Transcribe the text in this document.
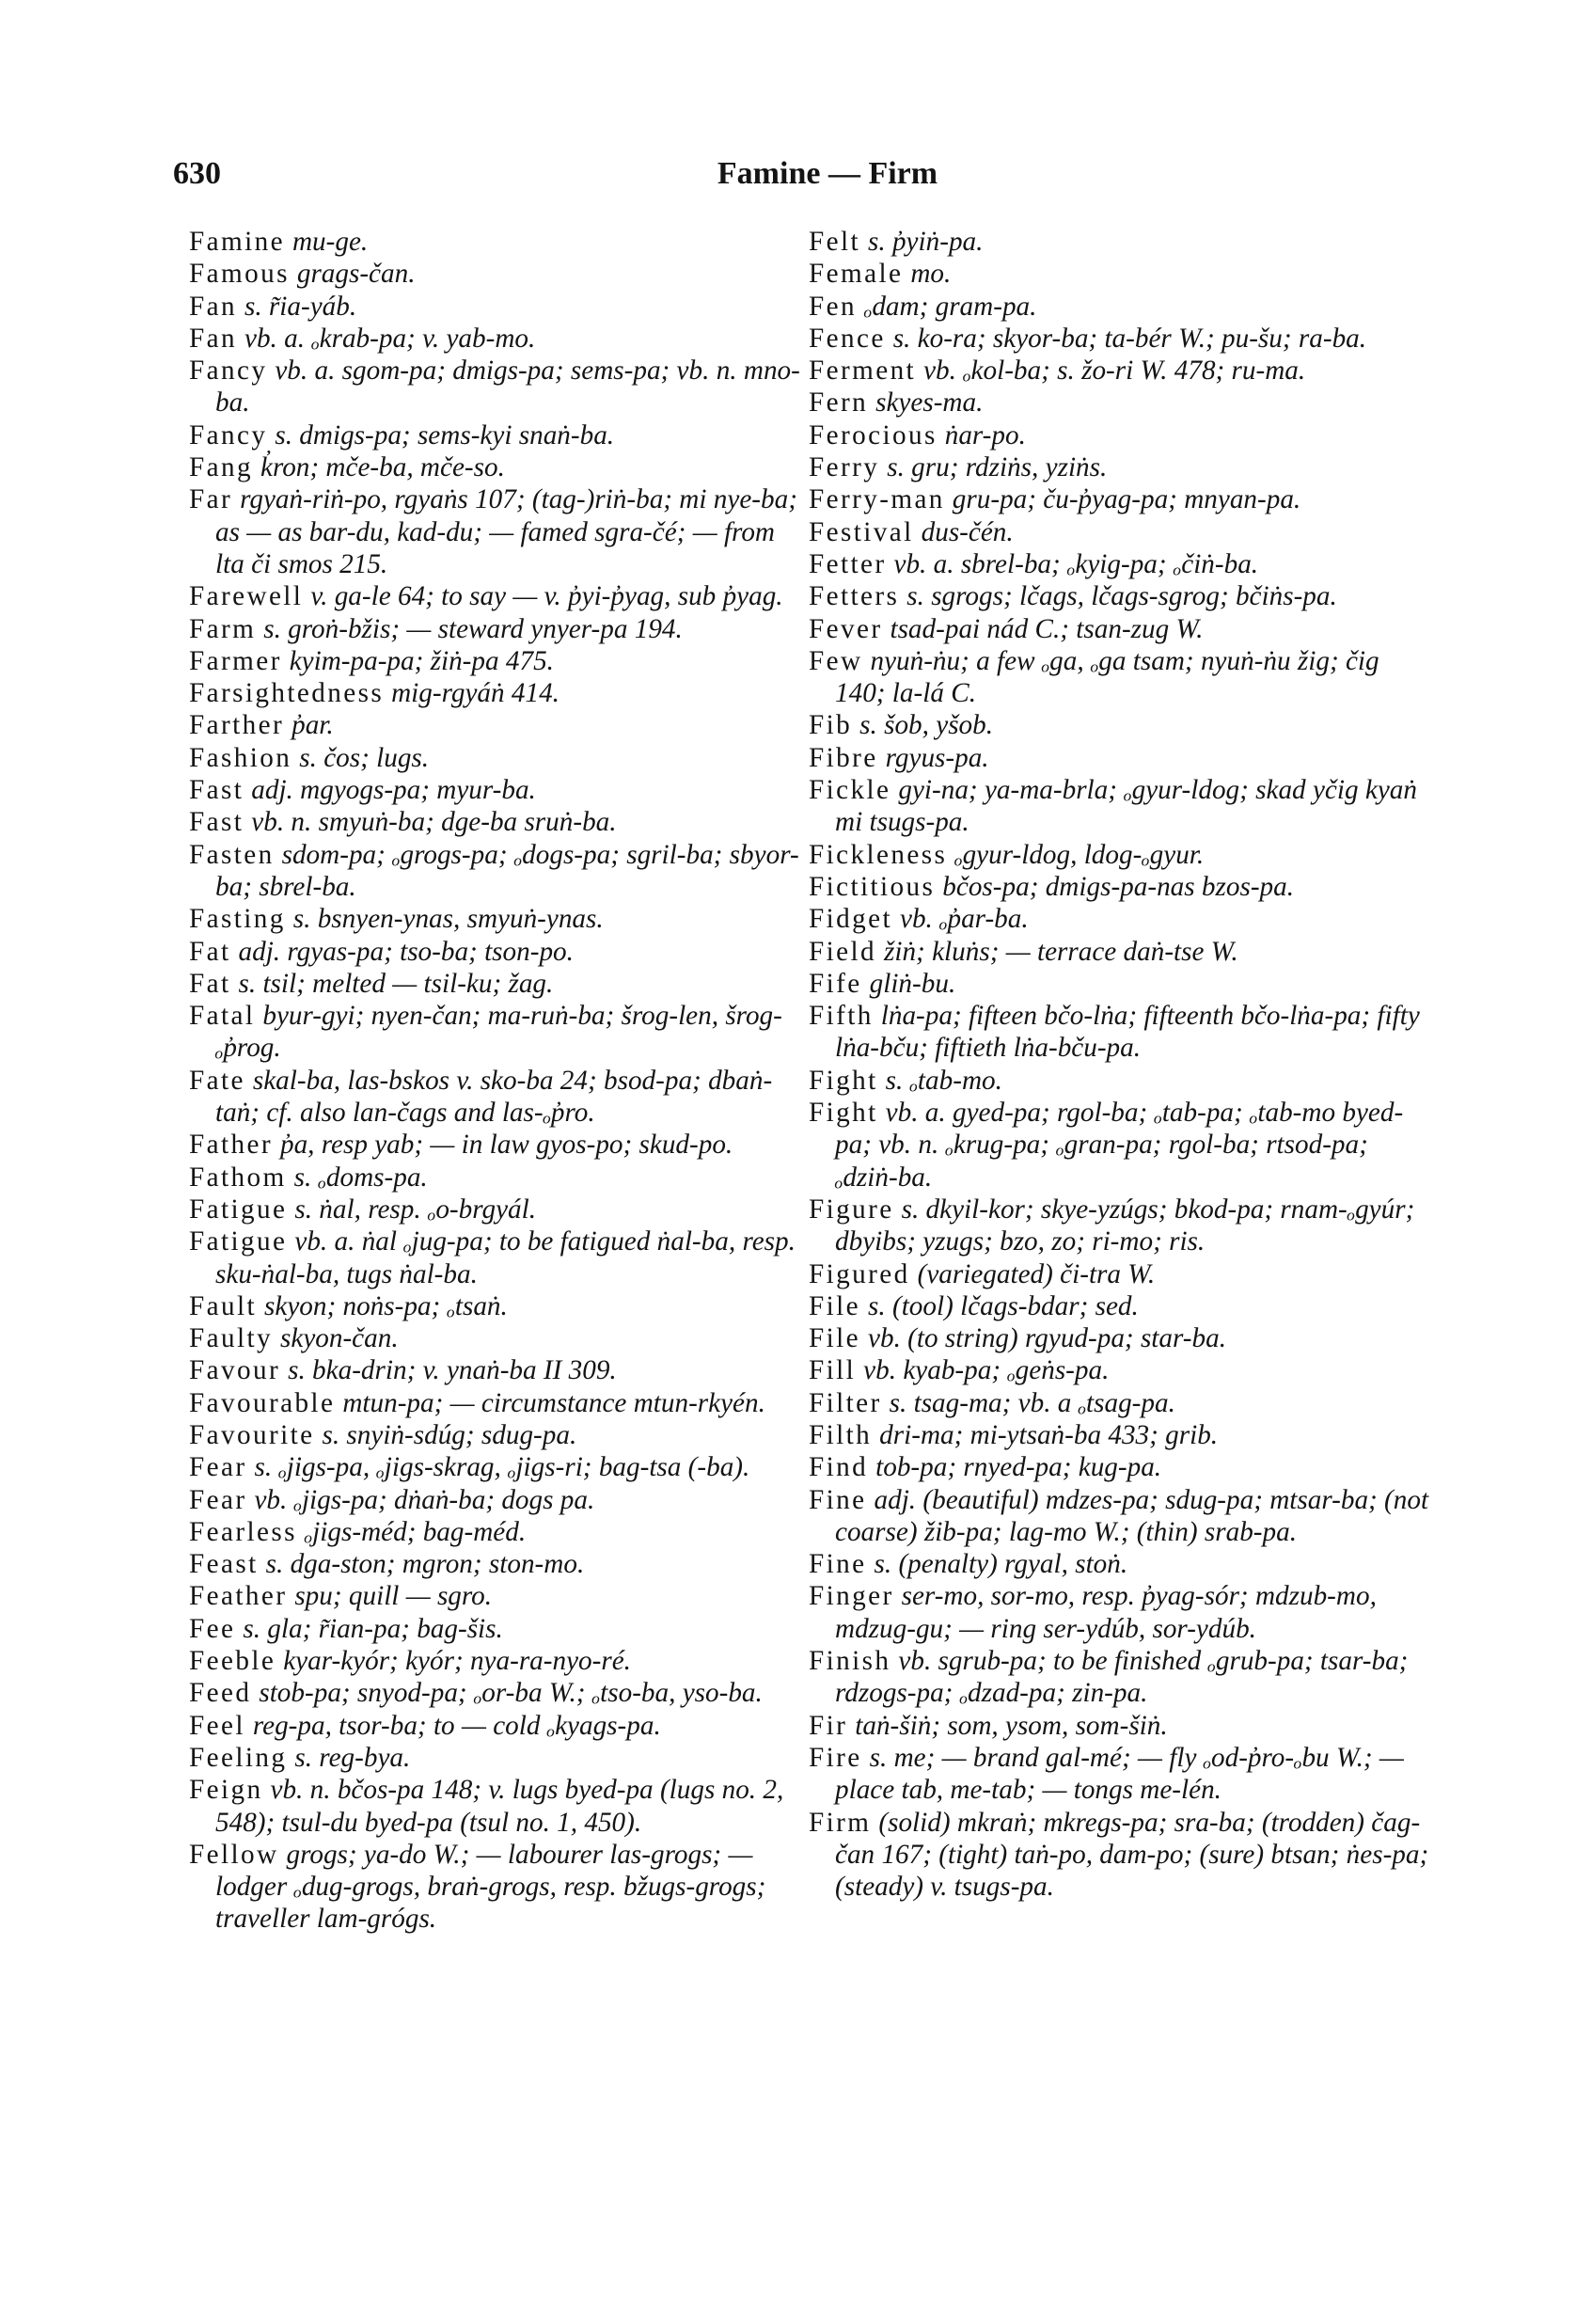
630	Famine — Firm
Famine mu-ge.
Famous grags-čan.
Fan s. r̃ia-yáb.
Fan vb. a. ₒkrab-pa; v. yab-mo.
Fancy vb. a. sgom-pa; dmigs-pa; sems-pa; vb. n. mno-ba.
Fancy s. dmigs-pa; sems-kyi snaṅ-ba.
Fang k̓ron; mče-ba, mče-so.
Far rgyaṅ-riṅ-po, rgyaṅs 107; (tag-)riṅ-ba; mi nye-ba; as — as bar-du, kad-du; — famed sgra-čé; — from lta či smos 215.
Farewell v. ga-le 64; to say — v. p̓yi-p̓yag, sub p̓yag.
Farm s. groṅ-bžis; — steward ynyer-pa 194.
Farmer kyim-pa-pa; žiṅ-pa 475.
Farsightedness mig-rgyáṅ 414.
Farther p̓ar.
Fashion s. čos; lugs.
Fast adj. mgyogs-pa; myur-ba.
Fast vb. n. smyuṅ-ba; dge-ba sruṅ-ba.
Fasten sdom-pa; ₒgrogs-pa; ₒdogs-pa; sgril-ba; sbyor-ba; sbrel-ba.
Fasting s. bsnyen-ynas, smyuṅ-ynas.
Fat adj. rgyas-pa; tso-ba; tson-po.
Fat s. tsil; melted — tsil-ku; žag.
Fatal byur-gyi; nyen-čan; ma-ruṅ-ba; šrog-len, šrog-ₒp̓rog.
Fate skal-ba, las-bskos v. sko-ba 24; bsod-pa; dbaṅ-taṅ; cf. also lan-čags and las-ₒp̓ro.
Father p̓a, resp yab; — in law gyos-po; skud-po.
Fathom s. ₒdoms-pa.
Fatigue s. ṅal, resp. ₒo-brgyál.
Fatigue vb. a. ṅal ₒjug-pa; to be fatigued ṅal-ba, resp. sku-ṅal-ba, tugs ṅal-ba.
Fault skyon; noṅs-pa; ₒtsaṅ.
Faulty skyon-čan.
Favour s. bka-drin; v. ynaṅ-ba II 309.
Favourable mtun-pa; — circumstance mtun-rkyén.
Favourite s. snyiṅ-sdúg; sdug-pa.
Fear s. ₒjigs-pa, ₒjigs-skrag, ₒjigs-ri; bag-tsa (-ba).
Fear vb. ₒjigs-pa; dṅaṅ-ba; dogs pa.
Fearless ₒjigs-méd; bag-méd.
Feast s. dga-ston; mgron; ston-mo.
Feather spu; quill — sgro.
Fee s. gla; r̃ian-pa; bag-šis.
Feeble kyar-kyór; kyór; nya-ra-nyo-ré.
Feed stob-pa; snyod-pa; ₒor-ba W.; ₒtso-ba, yso-ba.
Feel reg-pa, tsor-ba; to — cold ₒkyags-pa.
Feeling s. reg-bya.
Feign vb. n. bčos-pa 148; v. lugs byed-pa (lugs no. 2, 548); tsul-du byed-pa (tsul no. 1, 450).
Fellow grogs; ya-do W.; — labourer las-grogs; — lodger ₒdug-grogs, braṅ-grogs, resp. bžugs-grogs; traveller lam-grógs.
Felt s. p̓yiṅ-pa.
Female mo.
Fen ₒdam; gram-pa.
Fence s. ko-ra; skyor-ba; ta-bér W.; pu-šu; ra-ba.
Ferment vb. ₒkol-ba; s. žo-ri W. 478; ru-ma.
Fern skyes-ma.
Ferocious ṅar-po.
Ferry s. gru; rdziṅs, yziṅs.
Ferry-man gru-pa; ču-p̓yag-pa; mnyan-pa.
Festival dus-čén.
Fetter vb. a. sbrel-ba; ₒkyig-pa; ₒčiṅ-ba.
Fetters s. sgrogs; lčags, lčags-sgrog; bčiṅs-pa.
Fever tsad-pai nád C.; tsan-zug W.
Few nyuṅ-ṅu; a few ₒga, ₒga tsam; nyuṅ-ṅu žig; čig 140; la-lá C.
Fib s. šob, yšob.
Fibre rgyus-pa.
Fickle gyi-na; ya-ma-brla; ₒgyur-ldog; skad yčig kyaṅ mi tsugs-pa.
Fickleness ₒgyur-ldog, ldog-ₒgyur.
Fictitious bčos-pa; dmigs-pa-nas bzos-pa.
Fidget vb. ₒp̓ar-ba.
Field žiṅ; kluṅs; — terrace daṅ-tse W.
Fife gliṅ-bu.
Fifth lṅa-pa; fifteen bčo-lṅa; fifteenth bčo-lṅa-pa; fifty lṅa-bču; fiftieth lṅa-bču-pa.
Fight s. ₒtab-mo.
Fight vb. a. gyed-pa; rgol-ba; ₒtab-pa; ₒtab-mo byed-pa; vb. n. ₒkrug-pa; ₒgran-pa; rgol-ba; rtsod-pa; ₒdziṅ-ba.
Figure s. dkyil-kor; skye-yzúgs; bkod-pa; rnam-ₒgyúr; dbyibs; yzugs; bzo, zo; ri-mo; ris.
Figured (variegated) či-tra W.
File s. (tool) lčags-bdar; sed.
File vb. (to string) rgyud-pa; star-ba.
Fill vb. kyab-pa; ₒgeṅs-pa.
Filter s. tsag-ma; vb. a ₒtsag-pa.
Filth dri-ma; mi-ytsaṅ-ba 433; grib.
Find tob-pa; rnyed-pa; kug-pa.
Fine adj. (beautiful) mdzes-pa; sdug-pa; mtsar-ba; (not coarse) žib-pa; lag-mo W.; (thin) srab-pa.
Fine s. (penalty) rgyal, stoṅ.
Finger ser-mo, sor-mo, resp. p̓yag-sór; mdzub-mo, mdzug-gu; — ring ser-ydúb, sor-ydúb.
Finish vb. sgrub-pa; to be finished ₒgrub-pa; tsar-ba; rdzogs-pa; ₒdzad-pa; zin-pa.
Fir taṅ-šiṅ; som, ysom, som-šiṅ.
Fire s. me; — brand gal-mé; — fly ₒod-p̓ro-ₒbu W.; — place tab, me-tab; — tongs me-lén.
Firm (solid) mkraṅ; mkregs-pa; sra-ba; (trodden) čag-čan 167; (tight) taṅ-po, dam-po; (sure) btsan; ṅes-pa; (steady) v. tsugs-pa.
